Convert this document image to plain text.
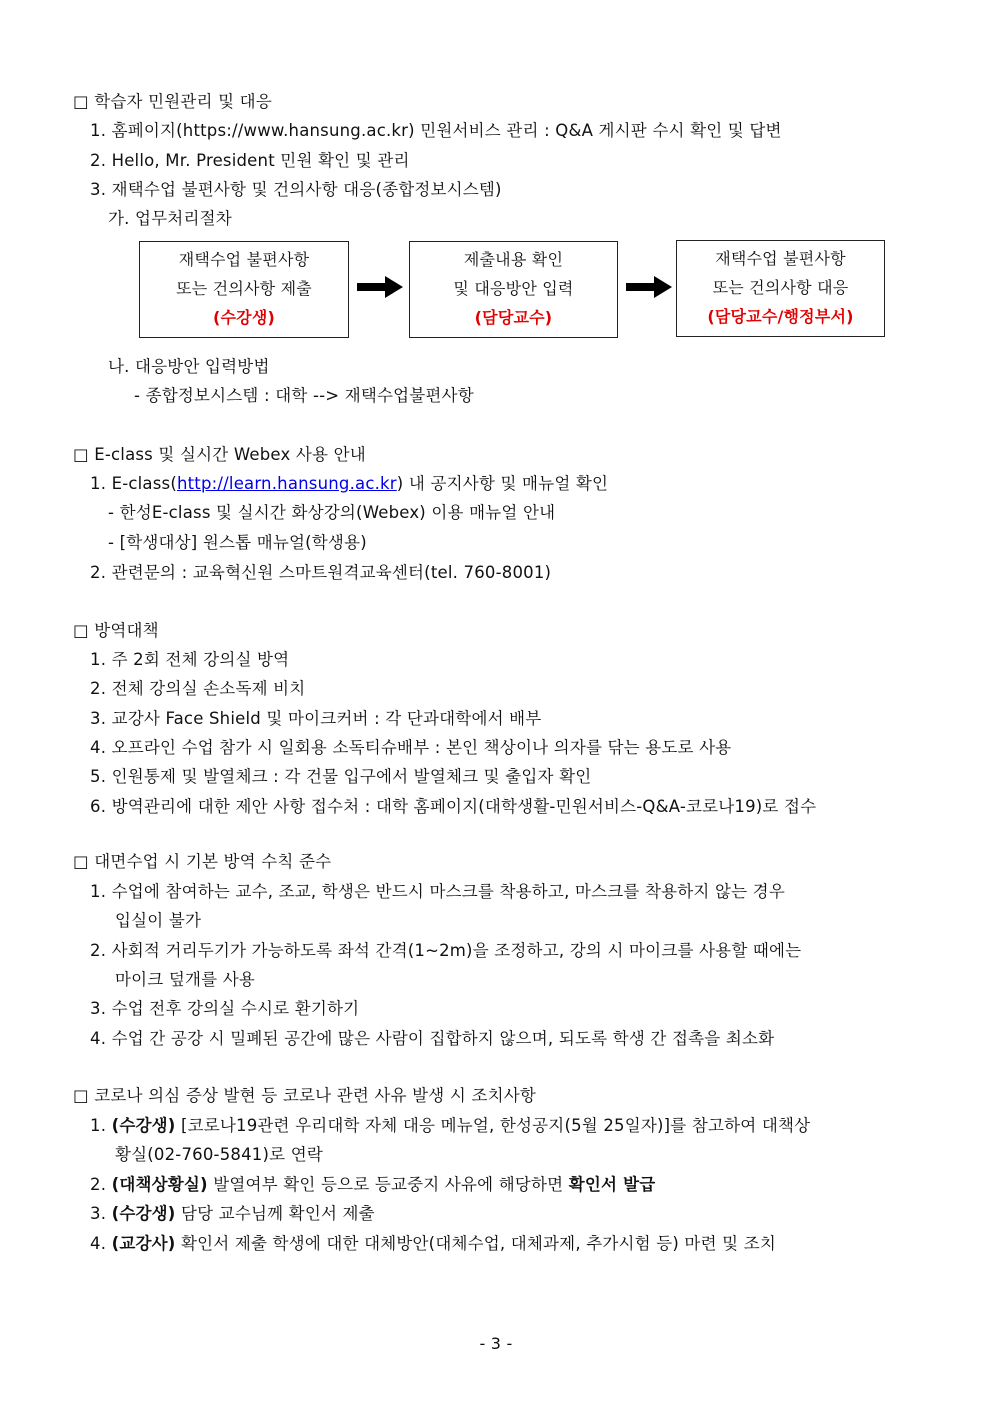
□ 학습자 민원관리 및 대응
1. 홈페이지(https://www.hansung.ac.kr) 민원서비스 관리 : Q&A 게시판 수시 확인 및 답변
2. Hello, Mr. President 민원 확인 및 관리
3. 재택수업 불편사항 및 건의사항 대응(종합정보시스템)
가. 업무처리절차
재택수업 불편사항
또는 건의사항 제출
(수강생)
제출내용 확인
및 대응방안 입력
(담당교수)
재택수업 불편사항
또는 건의사항 대응
(담당교수/행정부서)
나. 대응방안 입력방법
- 종합정보시스템 : 대학 --> 재택수업불편사항
□ E-class 및 실시간 Webex 사용 안내
1. E-class(http://learn.hansung.ac.kr) 내 공지사항 및 매뉴얼 확인
- 한성E-class 및 실시간 화상강의(Webex) 이용 매뉴얼 안내
- [학생대상] 원스톱 매뉴얼(학생용)
2. 관련문의 : 교육혁신원 스마트원격교육센터(tel. 760-8001)
□ 방역대책
1. 주 2회 전체 강의실 방역
2. 전체 강의실 손소독제 비치
3. 교강사 Face Shield 및 마이크커버 : 각 단과대학에서 배부
4. 오프라인 수업 참가 시 일회용 소독티슈배부 : 본인 책상이나 의자를 닦는 용도로 사용
5. 인원통제 및 발열체크 : 각 건물 입구에서 발열체크 및 출입자 확인
6. 방역관리에 대한 제안 사항 접수처 : 대학 홈페이지(대학생활-민원서비스-Q&A-코로나19)로 접수
□ 대면수업 시 기본 방역 수칙 준수
1. 수업에 참여하는 교수, 조교, 학생은 반드시 마스크를 착용하고, 마스크를 착용하지 않는 경우
입실이 불가
2. 사회적 거리두기가 가능하도록 좌석 간격(1~2m)을 조정하고, 강의 시 마이크를 사용할 때에는
마이크 덮개를 사용
3. 수업 전후 강의실 수시로 환기하기
4. 수업 간 공강 시 밀폐된 공간에 많은 사람이 집합하지 않으며, 되도록 학생 간 접촉을 최소화
□ 코로나 의심 증상 발현 등 코로나 관련 사유 발생 시 조치사항
1. (수강생) [코로나19관련 우리대학 자체 대응 메뉴얼, 한성공지(5월 25일자)]를 참고하여 대책상
황실(02-760-5841)로 연락
2. (대책상황실) 발열여부 확인 등으로 등교중지 사유에 해당하면 확인서 발급
3. (수강생) 담당 교수님께 확인서 제출
4. (교강사) 확인서 제출 학생에 대한 대체방안(대체수업, 대체과제, 추가시험 등) 마련 및 조치
- 3 -
